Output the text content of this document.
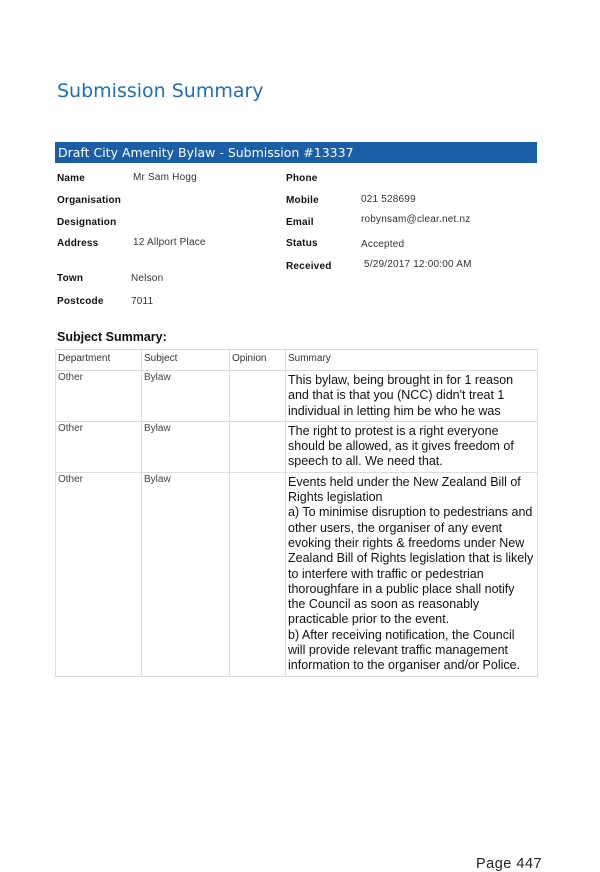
Submission Summary
Draft City Amenity Bylaw - Submission #13337
Name	Mr Sam Hogg
Organisation
Designation
Address	12 Allport Place
Town	Nelson
Postcode	7011
Phone
Mobile	021 528699
Email	robynsam@clear.net.nz
Status	Accepted
Received	5/29/2017 12:00:00 AM
Subject Summary:
Department	Subject	Opinion	Summary
Other	Bylaw		This bylaw, being brought in for 1 reason and that is that you (NCC) didn't treat 1 individual in letting him be who he was
Other	Bylaw		The right to protest is a right everyone should be allowed, as it gives freedom of speech to all. We need that.
Other	Bylaw		Events held under the New Zealand Bill of Rights legislation
a) To minimise disruption to pedestrians and other users, the organiser of any event evoking their rights & freedoms under New Zealand Bill of Rights legislation that is likely to interfere with traffic or pedestrian thoroughfare in a public place shall notify the Council as soon as reasonably practicable prior to the event.
b) After receiving notification, the Council will provide relevant traffic management information to the organiser and/or Police.
Page 447
